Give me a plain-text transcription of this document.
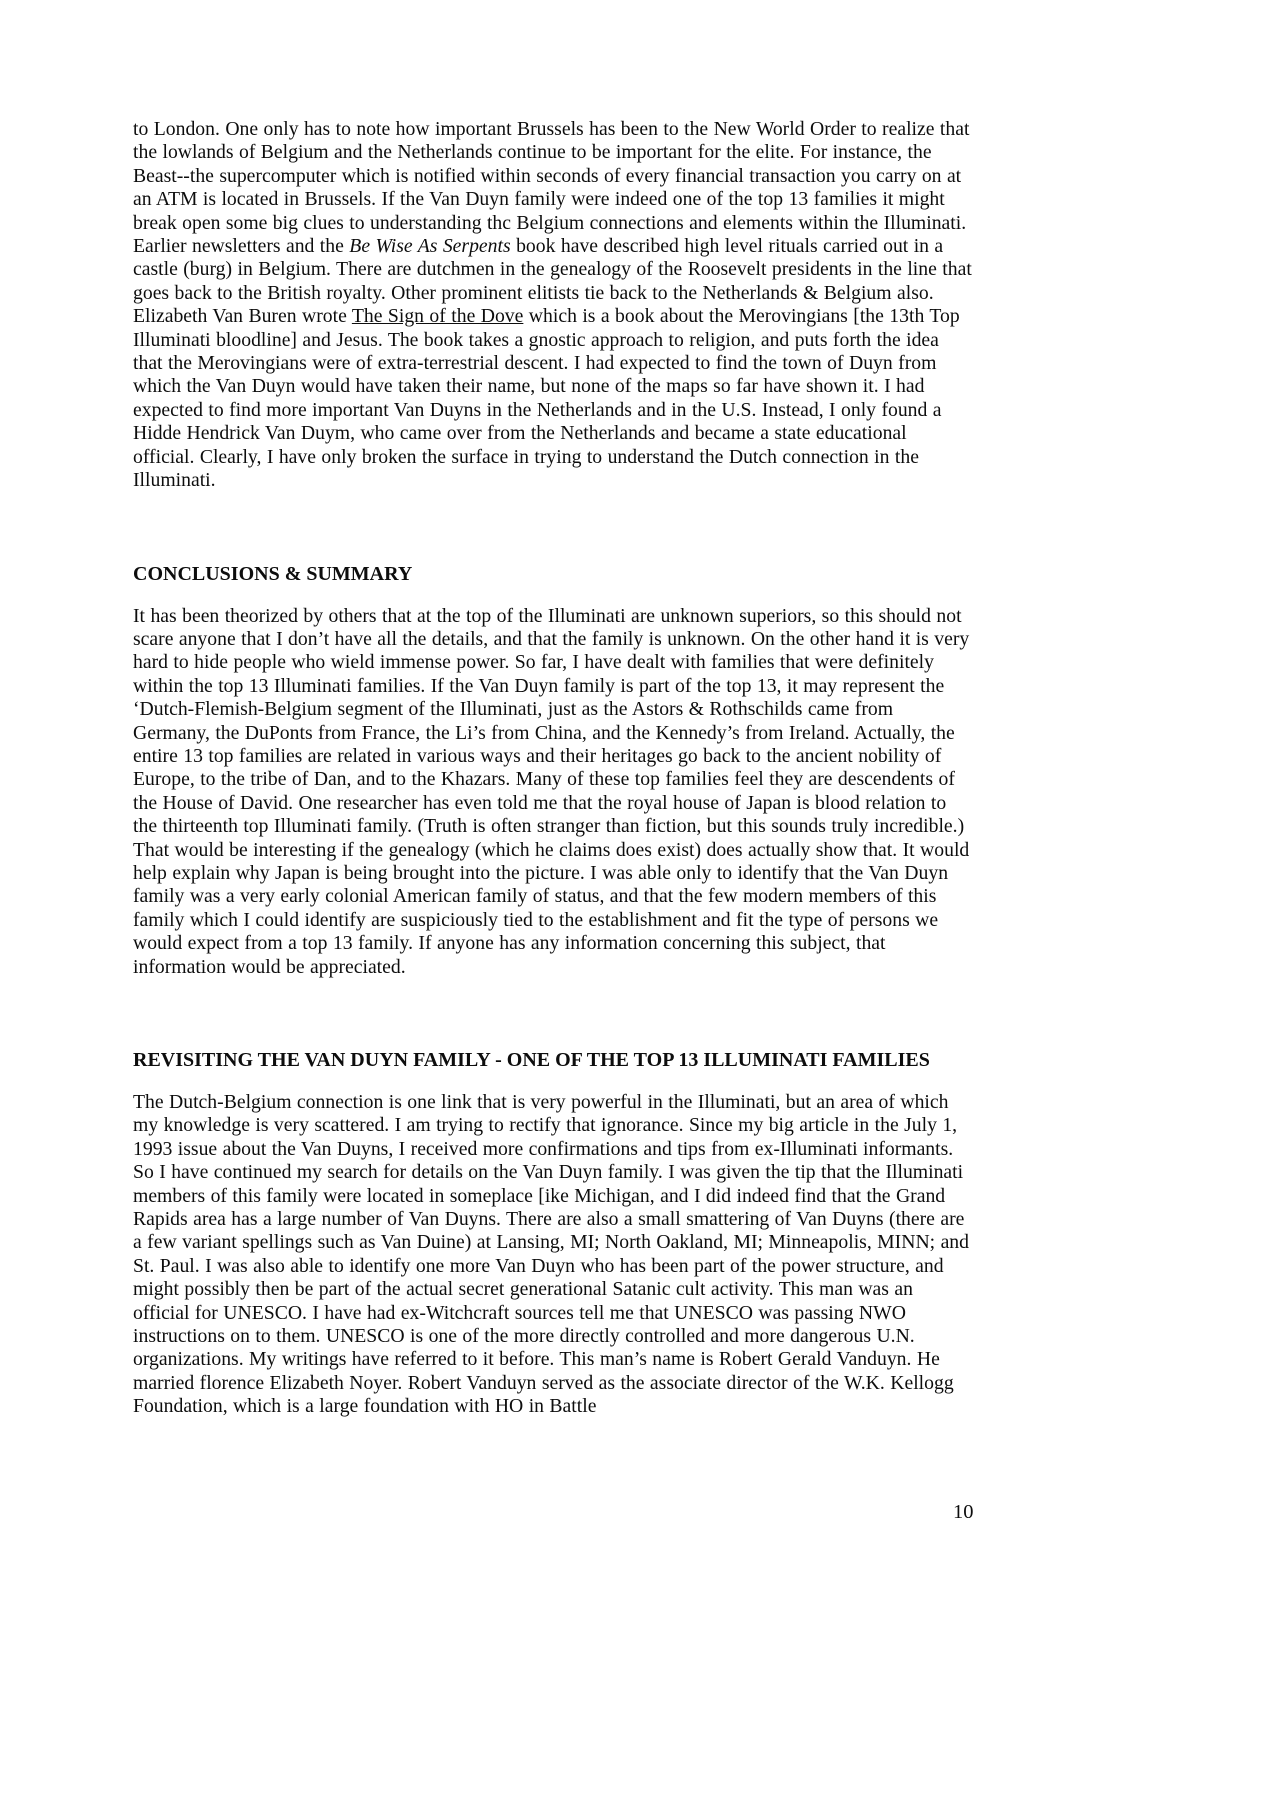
to London. One only has to note how important Brussels has been to the New World Order to realize that the lowlands of Belgium and the Netherlands continue to be important for the elite. For instance, the Beast--the supercomputer which is notified within seconds of every financial transaction you carry on at an ATM is located in Brussels. If the Van Duyn family were indeed one of the top 13 families it might break open some big clues to understanding thc Belgium connections and elements within the Illuminati. Earlier newsletters and the Be Wise As Serpents book have described high level rituals carried out in a castle (burg) in Belgium. There are dutchmen in the genealogy of the Roosevelt presidents in the line that goes back to the British royalty. Other prominent elitists tie back to the Netherlands & Belgium also. Elizabeth Van Buren wrote The Sign of the Dove which is a book about the Merovingians [the 13th Top Illuminati bloodline] and Jesus. The book takes a gnostic approach to religion, and puts forth the idea that the Merovingians were of extra-terrestrial descent. I had expected to find the town of Duyn from which the Van Duyn would have taken their name, but none of the maps so far have shown it. I had expected to find more important Van Duyns in the Netherlands and in the U.S. Instead, I only found a Hidde Hendrick Van Duym, who came over from the Netherlands and became a state educational official. Clearly, I have only broken the surface in trying to understand the Dutch connection in the Illuminati.

CONCLUSIONS & SUMMARY

It has been theorized by others that at the top of the Illuminati are unknown superiors, so this should not scare anyone that I don’t have all the details, and that the family is unknown. On the other hand it is very hard to hide people who wield immense power. So far, I have dealt with families that were definitely within the top 13 Illuminati families. If the Van Duyn family is part of the top 13, it may represent the ‘Dutch-Flemish-Belgium segment of the Illuminati, just as the Astors & Rothschilds came from Germany, the DuPonts from France, the Li’s from China, and the Kennedy’s from Ireland. Actually, the entire 13 top families are related in various ways and their heritages go back to the ancient nobility of Europe, to the tribe of Dan, and to the Khazars. Many of these top families feel they are descendents of the House of David. One researcher has even told me that the royal house of Japan is blood relation to the thirteenth top Illuminati family. (Truth is often stranger than fiction, but this sounds truly incredible.) That would be interesting if the genealogy (which he claims does exist) does actually show that. It would help explain why Japan is being brought into the picture. I was able only to identify that the Van Duyn family was a very early colonial American family of status, and that the few modern members of this family which I could identify are suspiciously tied to the establishment and fit the type of persons we would expect from a top 13 family. If anyone has any information concerning this subject, that information would be appreciated.

REVISITING THE VAN DUYN FAMILY - ONE OF THE TOP 13 ILLUMINATI FAMILIES

The Dutch-Belgium connection is one link that is very powerful in the Illuminati, but an area of which my knowledge is very scattered. I am trying to rectify that ignorance. Since my big article in the July 1, 1993 issue about the Van Duyns, I received more confirmations and tips from ex-Illuminati informants. So I have continued my search for details on the Van Duyn family. I was given the tip that the Illuminati members of this family were located in someplace [ike Michigan, and I did indeed find that the Grand Rapids area has a large number of Van Duyns. There are also a small smattering of Van Duyns (there are a few variant spellings such as Van Duine) at Lansing, MI; North Oakland, MI; Minneapolis, MINN; and St. Paul. I was also able to identify one more Van Duyn who has been part of the power structure, and might possibly then be part of the actual secret generational Satanic cult activity. This man was an official for UNESCO. I have had ex-Witchcraft sources tell me that UNESCO was passing NWO instructions on to them. UNESCO is one of the more directly controlled and more dangerous U.N. organizations. My writings have referred to it before. This man’s name is Robert Gerald Vanduyn. He married florence Elizabeth Noyer. Robert Vanduyn served as the associate director of the W.K. Kellogg Foundation, which is a large foundation with HO in Battle

10
